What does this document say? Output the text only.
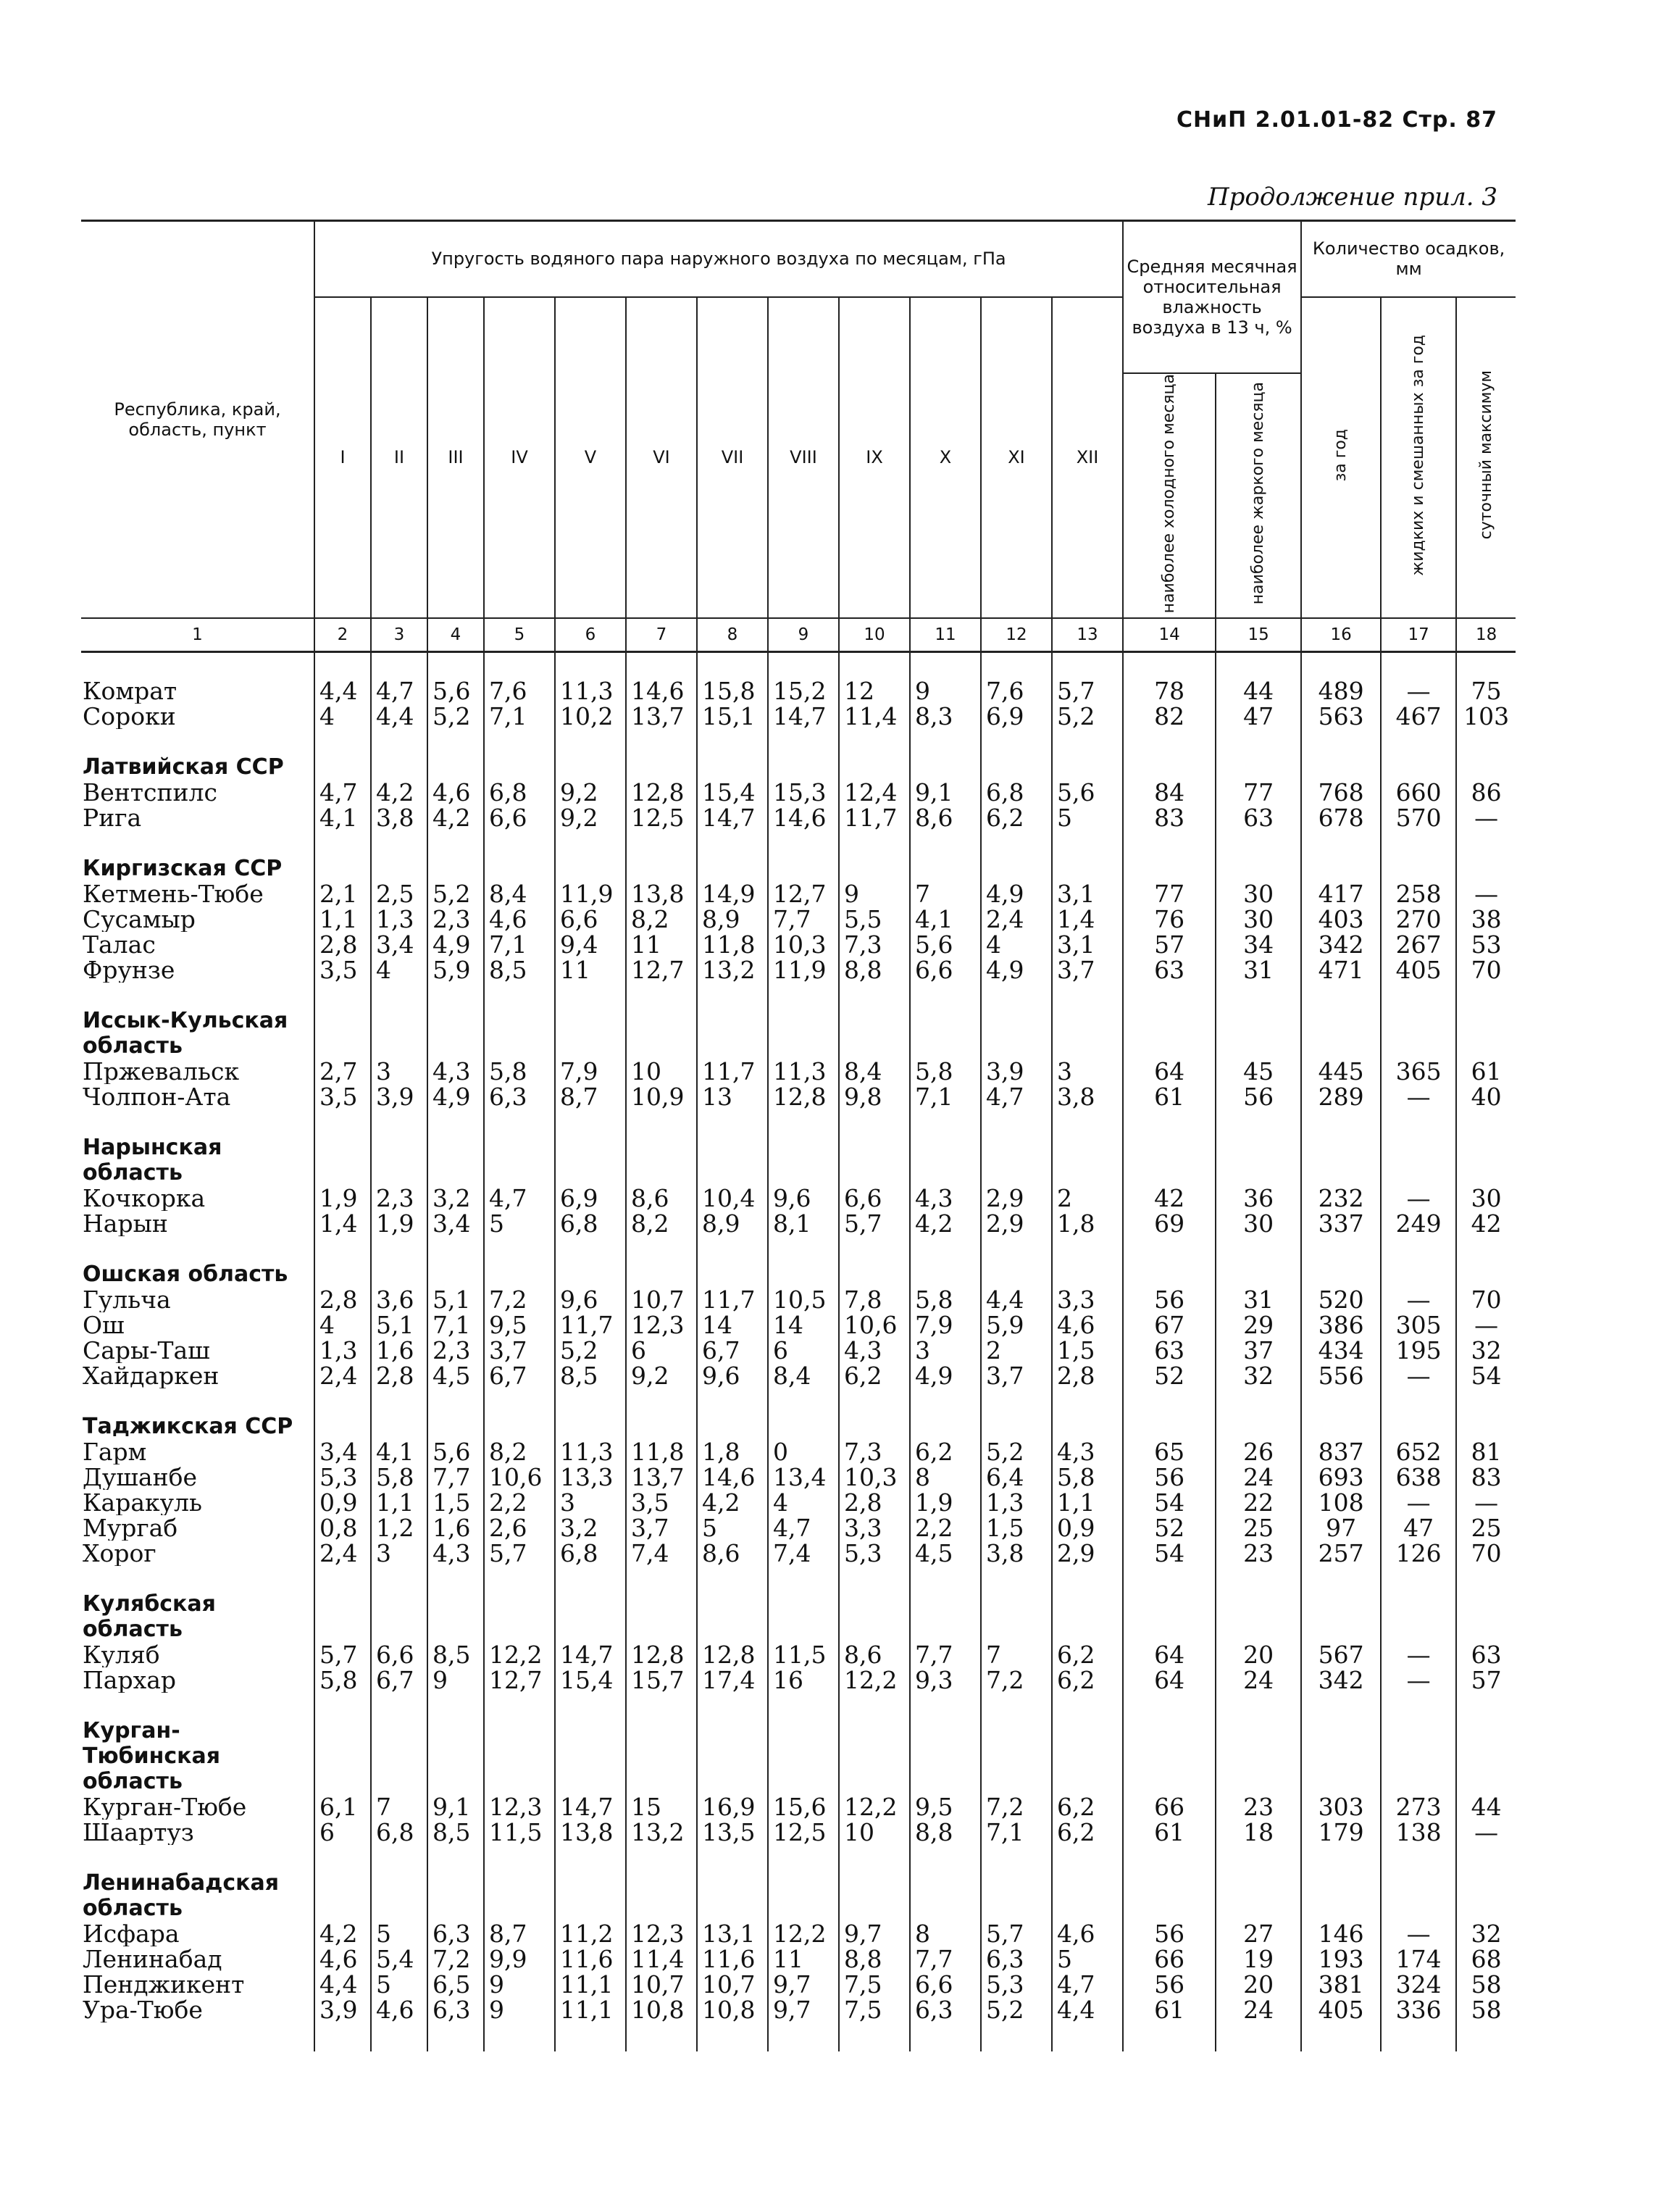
СНиП 2.01.01-82 Стр. 87
Продолжение прил. 3
Республика, край, область, пункт	Упругость водяного пара наружного воздуха по месяцам, гПа												Средняя месячная относительная влажность воздуха в 13 ч, %		Количество осадков, мм		
	I	II	III	IV	V	VI	VII	VIII	IX	X	XI	XII			за год	жидких и смешанных за год	суточный максимум
													наиболее холодного месяца	наиболее жаркого месяца			
1	2	3	4	5	6	7	8	9	10	11	12	13	14	15	16	17	18

Комрат	4,4	4,7	5,6	7,6	11,3	14,6	15,8	15,2	12	9	7,6	5,7	78	44	489	—	75
Сороки	4	4,4	5,2	7,1	10,2	13,7	15,1	14,7	11,4	8,3	6,9	5,2	82	47	563	467	103

Латвийская ССР																	
Вентспилс	4,7	4,2	4,6	6,8	9,2	12,8	15,4	15,3	12,4	9,1	6,8	5,6	84	77	768	660	86
Рига	4,1	3,8	4,2	6,6	9,2	12,5	14,7	14,6	11,7	8,6	6,2	5	83	63	678	570	—

Киргизская ССР																	
Кетмень-Тюбе	2,1	2,5	5,2	8,4	11,9	13,8	14,9	12,7	9	7	4,9	3,1	77	30	417	258	—
Сусамыр	1,1	1,3	2,3	4,6	6,6	8,2	8,9	7,7	5,5	4,1	2,4	1,4	76	30	403	270	38
Талас	2,8	3,4	4,9	7,1	9,4	11	11,8	10,3	7,3	5,6	4	3,1	57	34	342	267	53
Фрунзе	3,5	4	5,9	8,5	11	12,7	13,2	11,9	8,8	6,6	4,9	3,7	63	31	471	405	70

Иссык-Кульская область																	
Пржевальск	2,7	3	4,3	5,8	7,9	10	11,7	11,3	8,4	5,8	3,9	3	64	45	445	365	61
Чолпон-Ата	3,5	3,9	4,9	6,3	8,7	10,9	13	12,8	9,8	7,1	4,7	3,8	61	56	289	—	40

Нарынская область																	
Кочкорка	1,9	2,3	3,2	4,7	6,9	8,6	10,4	9,6	6,6	4,3	2,9	2	42	36	232	—	30
Нарын	1,4	1,9	3,4	5	6,8	8,2	8,9	8,1	5,7	4,2	2,9	1,8	69	30	337	249	42

Ошская область																	
Гульча	2,8	3,6	5,1	7,2	9,6	10,7	11,7	10,5	7,8	5,8	4,4	3,3	56	31	520	—	70
Ош	4	5,1	7,1	9,5	11,7	12,3	14	14	10,6	7,9	5,9	4,6	67	29	386	305	—
Сары-Таш	1,3	1,6	2,3	3,7	5,2	6	6,7	6	4,3	3	2	1,5	63	37	434	195	32
Хайдаркен	2,4	2,8	4,5	6,7	8,5	9,2	9,6	8,4	6,2	4,9	3,7	2,8	52	32	556	—	54

Таджикская ССР																	
Гарм	3,4	4,1	5,6	8,2	11,3	11,8	1,8	0	7,3	6,2	5,2	4,3	65	26	837	652	81
Душанбе	5,3	5,8	7,7	10,6	13,3	13,7	14,6	13,4	10,3	8	6,4	5,8	56	24	693	638	83
Каракуль	0,9	1,1	1,5	2,2	3	3,5	4,2	4	2,8	1,9	1,3	1,1	54	22	108	—	—
Мургаб	0,8	1,2	1,6	2,6	3,2	3,7	5	4,7	3,3	2,2	1,5	0,9	52	25	97	47	25
Хорог	2,4	3	4,3	5,7	6,8	7,4	8,6	7,4	5,3	4,5	3,8	2,9	54	23	257	126	70

Кулябская область																	
Куляб	5,7	6,6	8,5	12,2	14,7	12,8	12,8	11,5	8,6	7,7	7	6,2	64	20	567	—	63
Пархар	5,8	6,7	9	12,7	15,4	15,7	17,4	16	12,2	9,3	7,2	6,2	64	24	342	—	57

Курган-Тюбинская область																	
Курган-Тюбе	6,1	7	9,1	12,3	14,7	15	16,9	15,6	12,2	9,5	7,2	6,2	66	23	303	273	44
Шаартуз	6	6,8	8,5	11,5	13,8	13,2	13,5	12,5	10	8,8	7,1	6,2	61	18	179	138	—

Ленинабадская область																	
Исфара	4,2	5	6,3	8,7	11,2	12,3	13,1	12,2	9,7	8	5,7	4,6	56	27	146	—	32
Ленинабад	4,6	5,4	7,2	9,9	11,6	11,4	11,6	11	8,8	7,7	6,3	5	66	19	193	174	68
Пенджикент	4,4	5	6,5	9	11,1	10,7	10,7	9,7	7,5	6,6	5,3	4,7	56	20	381	324	58
Ура-Тюбе	3,9	4,6	6,3	9	11,1	10,8	10,8	9,7	7,5	6,3	5,2	4,4	61	24	405	336	58
